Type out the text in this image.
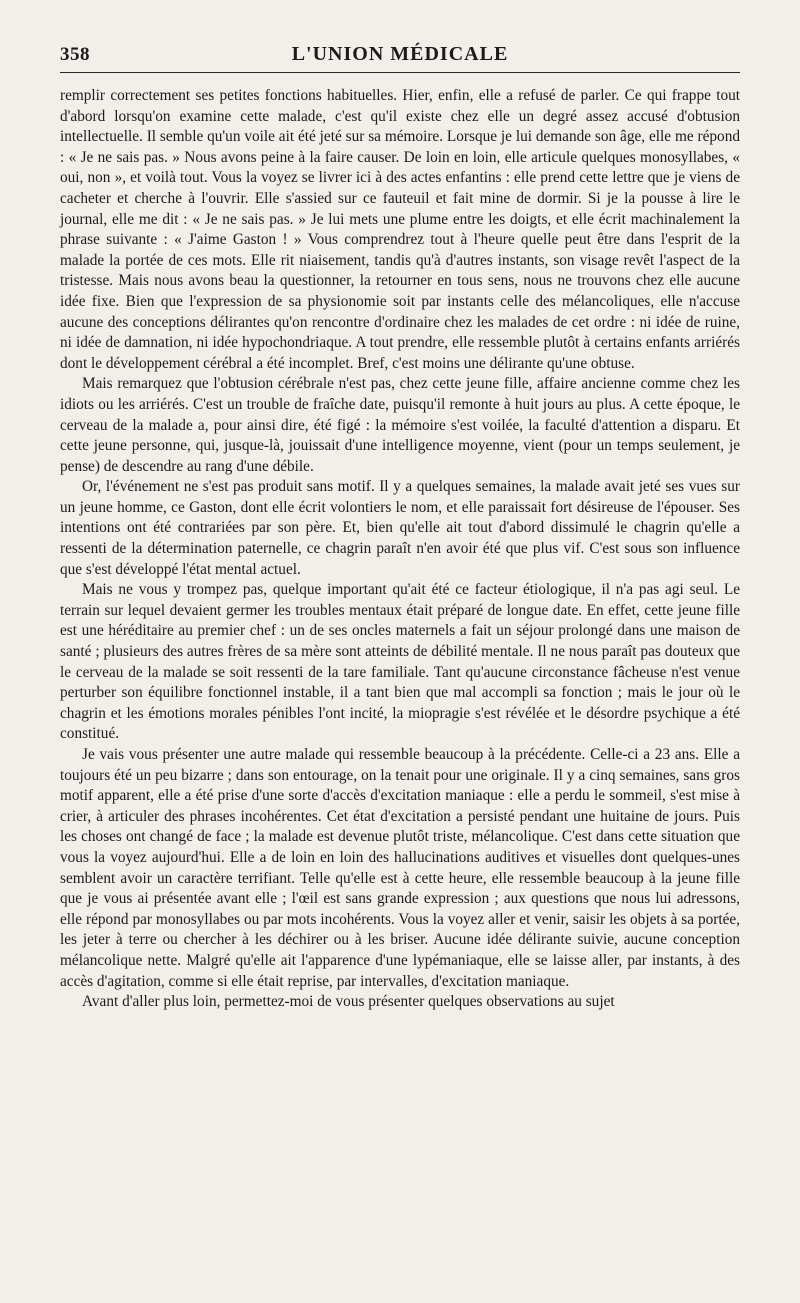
358	L'UNION MÉDICALE

remplir correctement ses petites fonctions habituelles. Hier, enfin, elle a refusé de parler. Ce qui frappe tout d'abord lorsqu'on examine cette malade, c'est qu'il existe chez elle un degré assez accusé d'obtusion intellectuelle. Il semble qu'un voile ait été jeté sur sa mémoire. Lorsque je lui demande son âge, elle me répond : « Je ne sais pas. » Nous avons peine à la faire causer. De loin en loin, elle articule quelques monosyllabes, « oui, non », et voilà tout. Vous la voyez se livrer ici à des actes enfantins : elle prend cette lettre que je viens de cacheter et cherche à l'ouvrir. Elle s'assied sur ce fauteuil et fait mine de dormir. Si je la pousse à lire le journal, elle me dit : « Je ne sais pas. » Je lui mets une plume entre les doigts, et elle écrit machinalement la phrase suivante : « J'aime Gaston ! » Vous comprendrez tout à l'heure quelle peut être dans l'esprit de la malade la portée de ces mots. Elle rit niaisement, tandis qu'à d'autres instants, son visage revêt l'aspect de la tristesse. Mais nous avons beau la questionner, la retourner en tous sens, nous ne trouvons chez elle aucune idée fixe. Bien que l'expression de sa physionomie soit par instants celle des mélancoliques, elle n'accuse aucune des conceptions délirantes qu'on rencontre d'ordinaire chez les malades de cet ordre : ni idée de ruine, ni idée de damnation, ni idée hypochondriaque. A tout prendre, elle ressemble plutôt à certains enfants arriérés dont le développement cérébral a été incomplet. Bref, c'est moins une délirante qu'une obtuse.

Mais remarquez que l'obtusion cérébrale n'est pas, chez cette jeune fille, affaire ancienne comme chez les idiots ou les arriérés. C'est un trouble de fraîche date, puisqu'il remonte à huit jours au plus. A cette époque, le cerveau de la malade a, pour ainsi dire, été figé : la mémoire s'est voilée, la faculté d'attention a disparu. Et cette jeune personne, qui, jusque-là, jouissait d'une intelligence moyenne, vient (pour un temps seulement, je pense) de descendre au rang d'une débile.

Or, l'événement ne s'est pas produit sans motif. Il y a quelques semaines, la malade avait jeté ses vues sur un jeune homme, ce Gaston, dont elle écrit volontiers le nom, et elle paraissait fort désireuse de l'épouser. Ses intentions ont été contrariées par son père. Et, bien qu'elle ait tout d'abord dissimulé le chagrin qu'elle a ressenti de la détermination paternelle, ce chagrin paraît n'en avoir été que plus vif. C'est sous son influence que s'est développé l'état mental actuel.

Mais ne vous y trompez pas, quelque important qu'ait été ce facteur étiologique, il n'a pas agi seul. Le terrain sur lequel devaient germer les troubles mentaux était préparé de longue date. En effet, cette jeune fille est une héréditaire au premier chef : un de ses oncles maternels a fait un séjour prolongé dans une maison de santé ; plusieurs des autres frères de sa mère sont atteints de débilité mentale. Il ne nous paraît pas douteux que le cerveau de la malade se soit ressenti de la tare familiale. Tant qu'aucune circonstance fâcheuse n'est venue perturber son équilibre fonctionnel instable, il a tant bien que mal accompli sa fonction ; mais le jour où le chagrin et les émotions morales pénibles l'ont incité, la miopragie s'est révélée et le désordre psychique a été constitué.

Je vais vous présenter une autre malade qui ressemble beaucoup à la précédente. Celle-ci a 23 ans. Elle a toujours été un peu bizarre ; dans son entourage, on la tenait pour une originale. Il y a cinq semaines, sans gros motif apparent, elle a été prise d'une sorte d'accès d'excitation maniaque : elle a perdu le sommeil, s'est mise à crier, à articuler des phrases incohérentes. Cet état d'excitation a persisté pendant une huitaine de jours. Puis les choses ont changé de face ; la malade est devenue plutôt triste, mélancolique. C'est dans cette situation que vous la voyez aujourd'hui. Elle a de loin en loin des hallucinations auditives et visuelles dont quelques-unes semblent avoir un caractère terrifiant. Telle qu'elle est à cette heure, elle ressemble beaucoup à la jeune fille que je vous ai présentée avant elle ; l'œil est sans grande expression ; aux questions que nous lui adressons, elle répond par monosyllabes ou par mots incohérents. Vous la voyez aller et venir, saisir les objets à sa portée, les jeter à terre ou chercher à les déchirer ou à les briser. Aucune idée délirante suivie, aucune conception mélancolique nette. Malgré qu'elle ait l'apparence d'une lypémaniaque, elle se laisse aller, par instants, à des accès d'agitation, comme si elle était reprise, par intervalles, d'excitation maniaque.

Avant d'aller plus loin, permettez-moi de vous présenter quelques observations au sujet
